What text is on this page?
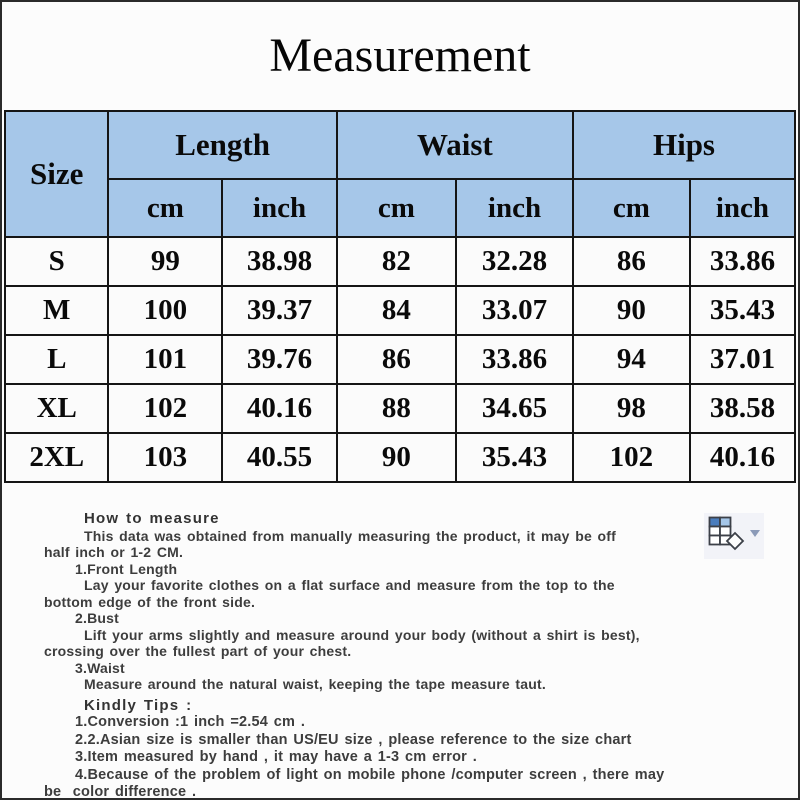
Measurement
Size	Length		Waist		Hips	
	cm	inch	cm	inch	cm	inch
S	99	38.98	82	32.28	86	33.86
M	100	39.37	84	33.07	90	35.43
L	101	39.76	86	33.86	94	37.01
XL	102	40.16	88	34.65	98	38.58
2XL	103	40.55	90	35.43	102	40.16
How to measure
This data was obtained from manually measuring the product, it may be off
half inch or 1-2 CM.
1.Front Length
Lay your favorite clothes on a flat surface and measure from the top to the
bottom edge of the front side.
2.Bust
Lift your arms slightly and measure around your body (without a shirt is best),
crossing over the fullest part of your chest.
3.Waist
Measure around the natural waist, keeping the tape measure taut.
Kindly Tips :
1.Conversion :1 inch =2.54 cm .
2.2.Asian size is smaller than US/EU size , please reference to the size chart
3.Item measured by hand , it may have a 1-3 cm error .
4.Because of the problem of light on mobile phone /computer screen , there may
be  color difference .
